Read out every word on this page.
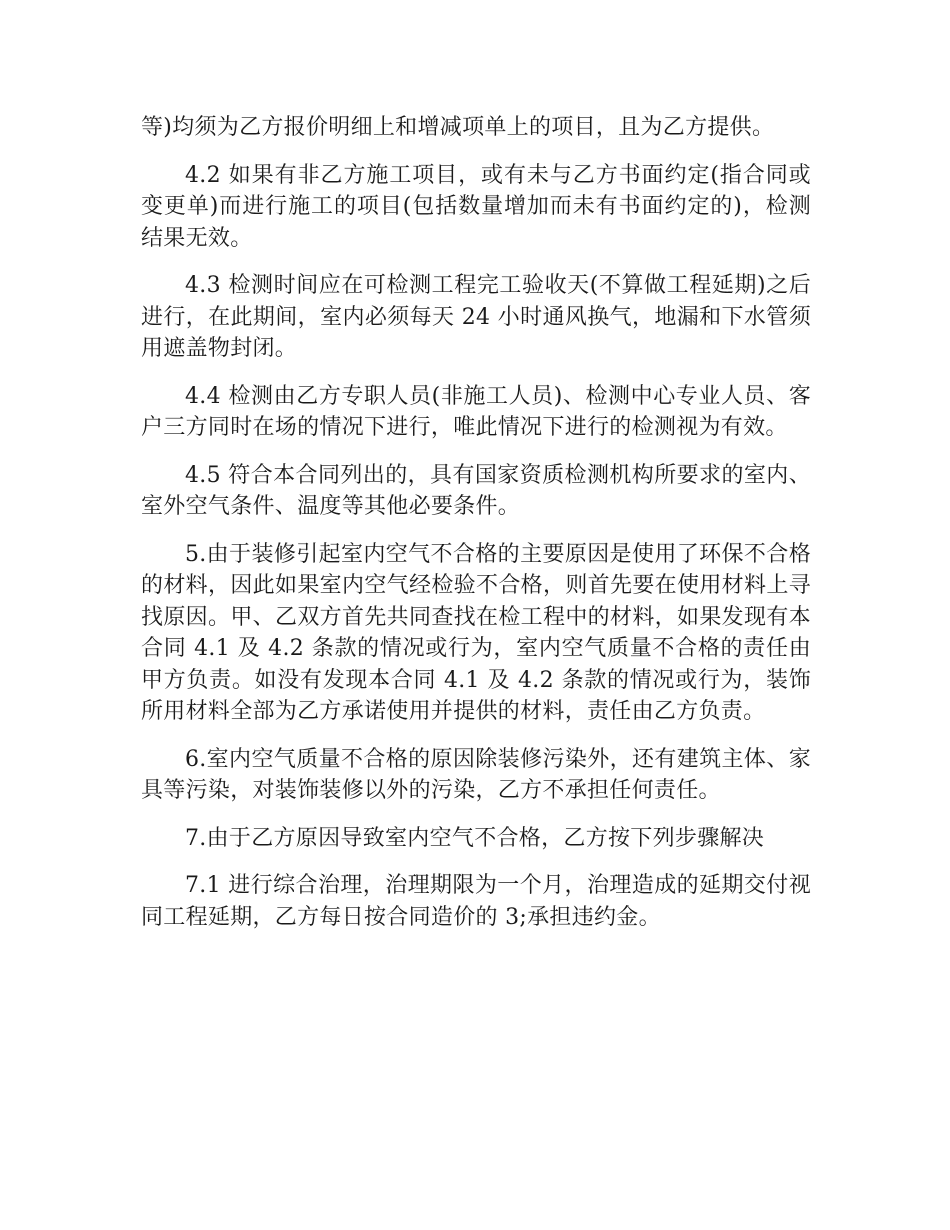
等)均须为乙方报价明细上和增减项单上的项目，且为乙方提供。

4.2 如果有非乙方施工项目，或有未与乙方书面约定(指合同或变更单)而进行施工的项目(包括数量增加而未有书面约定的)，检测结果无效。

4.3 检测时间应在可检测工程完工验收天(不算做工程延期)之后进行，在此期间，室内必须每天 24 小时通风换气，地漏和下水管须用遮盖物封闭。

4.4 检测由乙方专职人员(非施工人员)、检测中心专业人员、客户三方同时在场的情况下进行，唯此情况下进行的检测视为有效。

4.5 符合本合同列出的，具有国家资质检测机构所要求的室内、室外空气条件、温度等其他必要条件。

5.由于装修引起室内空气不合格的主要原因是使用了环保不合格的材料，因此如果室内空气经检验不合格，则首先要在使用材料上寻找原因。甲、乙双方首先共同查找在检工程中的材料，如果发现有本合同 4.1 及 4.2 条款的情况或行为，室内空气质量不合格的责任由甲方负责。如没有发现本合同 4.1 及 4.2 条款的情况或行为，装饰所用材料全部为乙方承诺使用并提供的材料，责任由乙方负责。

6.室内空气质量不合格的原因除装修污染外，还有建筑主体、家具等污染，对装饰装修以外的污染，乙方不承担任何责任。

7.由于乙方原因导致室内空气不合格，乙方按下列步骤解决

7.1 进行综合治理，治理期限为一个月，治理造成的延期交付视同工程延期，乙方每日按合同造价的 3;承担违约金。
